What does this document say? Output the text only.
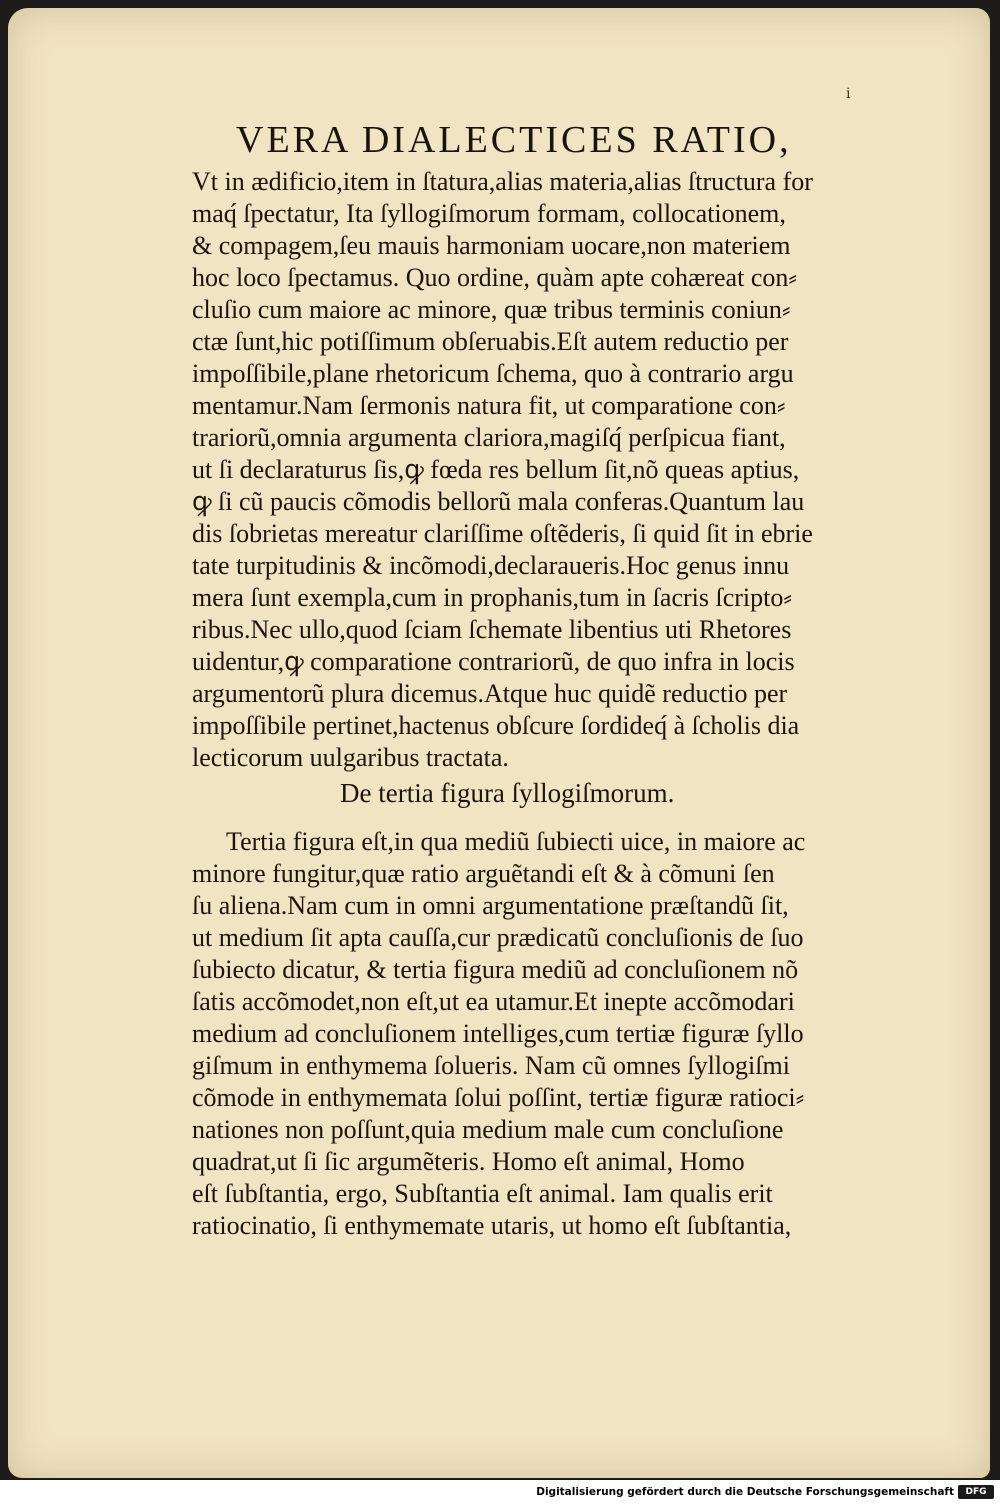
i
VERA DIALECTICES RATIO,
Vt in ædificio,item in ſtatura,alias materia,alias ſtructura for
maq́ ſpectatur, Ita ſyllogiſmorum formam, collocationem,
& compagem,ſeu mauis harmoniam uocare,non materiem
hoc loco ſpectamus. Quo ordine, quàm apte cohæreat con⸗
cluſio cum maiore ac minore, quæ tribus terminis coniun⸗
ctæ ſunt,hic potiſſimum obſeruabis.Eſt autem reductio per
impoſſibile,plane rhetoricum ſchema, quo à contrario argu
mentamur.Nam ſermonis natura fit, ut comparatione con⸗
trariorũ,omnia argumenta clariora,magiſq́ perſpicua fiant,
ut ſi declaraturus ſis,ꝙ fœda res bellum ſit,nõ queas aptius,
ꝙ ſi cũ paucis cõmodis bellorũ mala conferas.Quantum lau
dis ſobrietas mereatur clariſſime oſtẽderis, ſi quid ſit in ebrie
tate turpitudinis & incõmodi,declaraueris.Hoc genus innu
mera ſunt exempla,cum in prophanis,tum in ſacris ſcripto⸗
ribus.Nec ullo,quod ſciam ſchemate libentius uti Rhetores
uidentur,ꝙ comparatione contrariorũ, de quo infra in locis
argumentorũ plura dicemus.Atque huc quidẽ reductio per
impoſſibile pertinet,hactenus obſcure ſordideq́ à ſcholis dia
lecticorum uulgaribus tractata.
De tertia figura ſyllogiſmorum.
Tertia figura eſt,in qua mediũ ſubiecti uice, in maiore ac
minore fungitur,quæ ratio arguẽtandi eſt & à cõmuni ſen
ſu aliena.Nam cum in omni argumentatione præſtandũ ſit,
ut medium ſit apta cauſſa,cur prædicatũ concluſionis de ſuo
ſubiecto dicatur, & tertia figura mediũ ad concluſionem nõ
ſatis accõmodet,non eſt,ut ea utamur.Et inepte accõmodari
medium ad concluſionem intelliges,cum tertiæ figuræ ſyllo
giſmum in enthymema ſolueris. Nam cũ omnes ſyllogiſmi
cõmode in enthymemata ſolui poſſint, tertiæ figuræ ratioci⸗
nationes non poſſunt,quia medium male cum concluſione
quadrat,ut ſi ſic argumẽteris. Homo eſt animal, Homo
eſt ſubſtantia, ergo, Subſtantia eſt animal. Iam qualis erit
ratiocinatio, ſi enthymemate utaris, ut homo eſt ſubſtantia,
Digitalisierung gefördert durch die Deutsche Forschungsgemeinschaft	DFG
